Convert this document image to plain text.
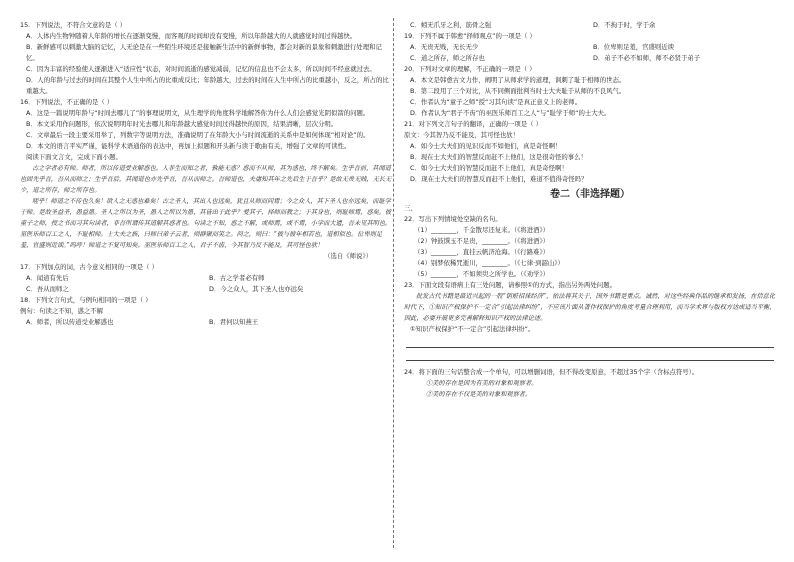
15．下列说法，不符合文意的是（ ）

A．人体内生物钟随着人年龄的增长在逐渐变慢，而客观的时间却没有变慢，所以年龄越大的人就感觉时间过得越快。

B．新鲜感可以刺激大脑的记忆，人无论是在一些陌生环境还是接触新生活中的新鲜事物，都会对新的景象和刺激进行处理和记忆。

C．因为丰富的经验使人逐渐进入“适应性”状态，对时间流逝的感觉减弱，记忆的信息也不会太多，所以时间不经意就过去。

D．人的年龄与过去的时间在其整个人生中所占的比重成反比；年龄越大，过去的时间在人生中所占的比重越小，反之，所占的比重越大。

16．下列说法，不正确的是（ ）

A．这是一篇说明年龄与“时间去哪儿了”的事理说明文，从生理学的角度科学地解答你为什么人们会感觉光阴似箭的问题。

B．本文采用作问题形，依次说明明年时光去哪儿和年龄越大感觉时间过得越快的原因，结果清晰，层次分明。

C．文章最后一段主要采用举了，列数字等说明方法，准确说明了在年龄大小与时间流逝的关系中是如何体现“相对论”的。

D．本文的语言平实严谨，能科学术语通俗的表达中，再加上拟题和开头新与读于歌曲有关，增强了文章的可读性。

阅读下面文言文，完成下面小题。

古之学者必有师。师者，所以传道受业解惑也。人非生而知之者，孰能无惑？惑而不从师，其为惑也，终不解矣。生乎吾前，其闻道也固先乎吾，吾从而师之；生乎吾后，其闻道也亦先乎吾，吾从而师之。吾师道也，夫庸知其年之先后生于吾乎？是故无贵无贱，无长无少，道之所存，师之所存也。

嗟乎！师道之不传也久矣！欲人之无惑也难矣！古之圣人，其出人也远矣，犹且从师而问焉；今之众人，其下圣人也亦远矣，而耻学于师。是故圣益圣，愚益愚。圣人之所以为圣，愚人之所以为愚，其皆出于此乎？爱其子，择师而教之；于其身也，则耻师焉，惑矣。彼童子之师，授之书而习其句读者，非吾所谓传其道解其惑者也。句读之不知，惑之不解，或师焉，或不焉，小学而大遗，吾未见其明也。巫医乐师百工之人，不耻相师。士大夫之族，曰师曰弟子云者，则群聚而笑之。问之，则曰：“彼与彼年相若也，道相似也。位卑则足羞，官盛则近谀。”呜呼！师道之不复可知矣。巫医乐师百工之人，君子不齿，今其智乃反不能及，其可怪也欤！

（选自《师说》）

17．下列加点的词，古今意义相同的一项是（ ）

A．闻道有先后	B．古之学者必有师
C．吾从而师之	D．今之众人，其下圣人也亦远矣

18．下列文言句式，与例句相同的一项是（ ）

例句：句读之不知，惑之不解

A．师者，所以传道受业解惑也	B．君何以知燕王
C．蚓无爪牙之利，筋骨之强	D．不拘于时，学于余

19．下列不属于韩愈“择师观点”的一项是（ ）

A．无贵无贱，无长无少	B．位卑则足羞，官盛则近谀
C．道之所存，师之所存也	D．弟子不必不如师，师不必贤于弟子

20．下列对文章的理解，不正确的一项是（ ）

A．本文是韩愈古文力作，阐明了从师求学的道理，讽刺了耻于相师的世态。

B．第二段用了三个对比，从不同侧面批判当时士大夫耻于从师的不良风气。

C．作者认为“童子之师”授“习其句读”是真正意义上的老师。

D．作者认为“君子不齿”的巫医乐师百工之人“与”耻学于师“的士大夫。

21．对下列文言句子的翻译，正确的一项是（ ）

原文：今其智乃反不能及，其可怪也欤！

A．如今士大夫们的见识反而不如他们，真是奇怪啊！

B．现在士大夫们的智慧反而赶不上他们，这是很奇怪的事么！

C．如今士大夫们的智慧反而赶不上他们，真是奇怪啊！

D．现在士大夫们的智慧反而赶不上他们，难道不值得奇怪吗？

卷二（非选择题）

三、

22．写出下列情境处空缺的名句。

（1）________，千金散尽还复来。（《将进酒》）

（2）钟鼓馔玉不足贵，________。（《将进酒》）

（3）________，直挂云帆济沧海。（《行路难》）

（4）别梦依稀咒逝川，________。（《七律·到韶山》）

（5）________，不如须臾之所学也。（《劝学》）

23．下面文段有语病上有三处问题，请参照①的方式，指出另外两处问题。

批发古代书籍是最近兴起的一股“销赃招徕经济”，依法将其关于，国外书籍是重点。诚然，对这些经典作品的继承和发扬，在信息化时代下，①知识产权保护不一定合“引起法律纠纷”，不应该片面从著作权保护的角度考量合理利用，而当学术界与版权方达成适当平衡，因此，必要开展更多完善解释知识产权的法律论述。

①知识产权保护“不一定合”引起法律纠纷“。

24．将下面的三句话整合成一个单句，可以增删词语，但不得改变原意，不超过35个字（含标点符号）。

①美的存在是因为有美的对象和观察者。

②美的存在不仅是美的对象和观察者。
